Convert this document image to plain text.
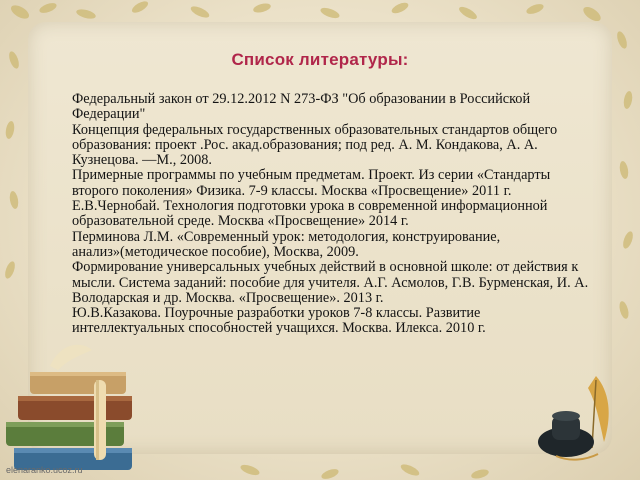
Список литературы:

Федеральный закон от 29.12.2012 N 273-ФЗ "Об образовании в Российской Федерации"

Концепция федеральных государственных образовательных стандартов общего образования: проект .Рос. акад.образования; под ред. А. М. Кондакова, А. А. Кузнецова. —М., 2008.

Примерные программы по учебным предметам. Проект. Из серии «Стандарты второго поколения» Физика. 7-9 классы. Москва «Просвещение» 2011 г.

Е.В.Чернобай. Технология подготовки урока в современной информационной образовательной среде. Москва «Просвещение» 2014 г.

Перминова Л.М. «Современный урок: методология, конструирование, анализ»(методическое пособие), Москва, 2009.

Формирование универсальных учебных действий в основной школе: от действия к мысли. Система заданий: пособие для учителя. А.Г. Асмолов, Г.В. Бурменская, И. А. Володарская и др. Москва. «Просвещение». 2013 г.

Ю.В.Казакова. Поурочные разработки уроков 7-8 классы. Развитие интеллектуальных способностей учащихся. Москва. Илекса. 2010 г.

elenaranko.ucoz.ru
